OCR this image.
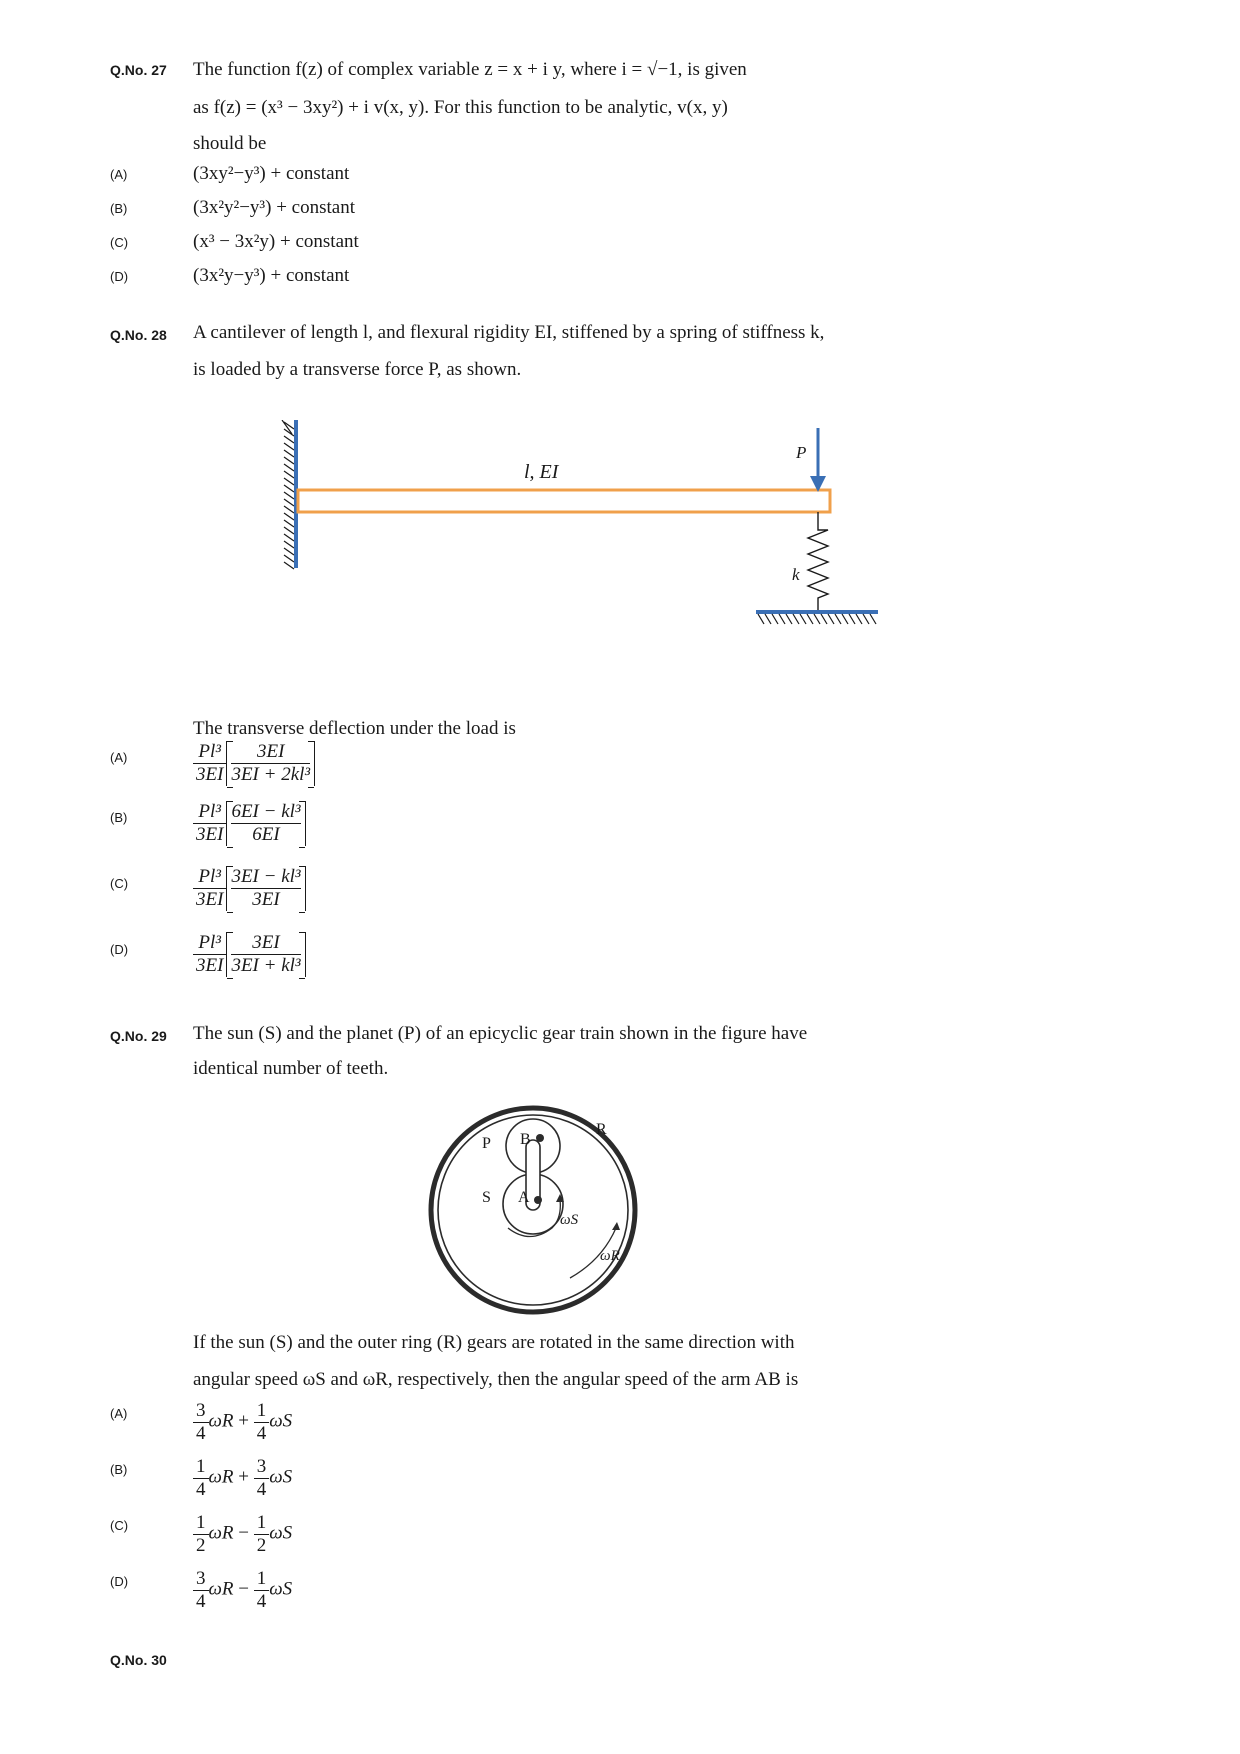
Q.No. 27 The function f(z) of complex variable z = x + i y, where i = √−1, is given
as f(z) = (x³ − 3xy²) + i v(x, y). For this function to be analytic, v(x, y)
should be
(A)	(3xy²−y³) + constant
(B)	(3x²y²−y³) + constant
(C)	(x³ − 3x²y) + constant
(D)	(3x²y−y³) + constant
Q.No. 28 A cantilever of length l, and flexural rigidity EI, stiffened by a spring of stiffness k,
is loaded by a transverse force P, as shown.
l, EI
P
k
The transverse deflection under the load is
(A)	$\frac{\text{Pl³}}{3EI} \frac{3EI}{\text{3EI + 2kl³}}$
(B)	$\frac{\text{Pl³}}{3EI} \frac{\text{6EI − kl³}}{6EI}$
(C)	$\frac{\text{Pl³}}{3EI} \frac{\text{3EI − kl³}}{3EI}$
(D)	$\frac{\text{Pl³}}{3EI} \frac{3EI}{\text{3EI + kl³}}$
Q.No. 29 The sun (S) and the planet (P) of an epicyclic gear train shown in the figure have
identical number of teeth.
P B
S A
R
ωS
ωR
If the sun (S) and the outer ring (R) gears are rotated in the same direction with
angular speed ωS and ωR, respectively, then the angular speed of the arm AB is
(A)	$\frac{3}{4}$ $\omega R + \frac{1}{4}$ ωS
(B)	$\frac{1}{4}$ $\omega R + \frac{3}{4}$ ωS
(C)	$\frac{1}{2}$ $\omega R - \frac{1}{2}$ ωS
(D)	$\frac{3}{4}$ $\omega R - \frac{1}{4}$ ωS
Q.No. 30
